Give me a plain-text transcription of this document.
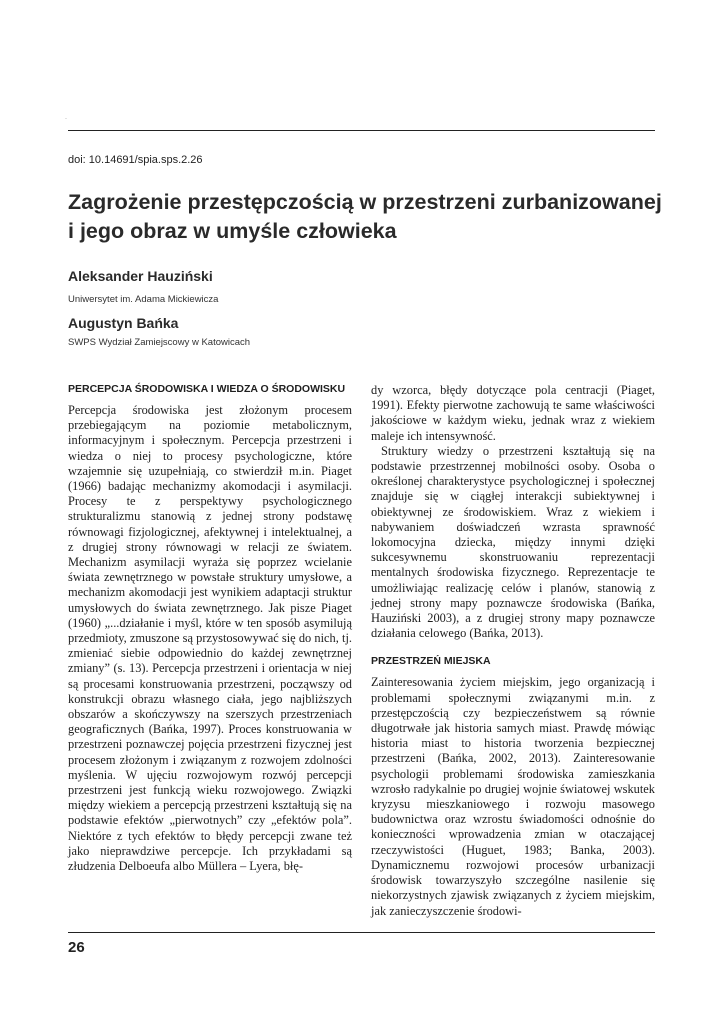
·
doi: 10.14691/spia.sps.2.26
Zagrożenie przestępczością w przestrzeni zurbanizowanej i jego obraz w umyśle człowieka
Aleksander Hauziński
Uniwersytet im. Adama Mickiewicza
Augustyn Bańka
SWPS Wydział Zamiejscowy w Katowicach
PERCEPCJA ŚRODOWISKA I WIEDZA O ŚRODOWISKU

Percepcja środowiska jest złożonym procesem przebiegającym na poziomie metabolicznym, informacyjnym i społecznym. Percepcja przestrzeni i wiedza o niej to procesy psychologiczne, które wzajemnie się uzupełniają, co stwierdził m.in. Piaget (1966) badając mechanizmy akomodacji i asymilacji. Procesy te z perspektywy psychologicznego strukturalizmu stanowią z jednej strony podstawę równowagi fizjologicznej, afektywnej i intelektualnej, a z drugiej strony równowagi w relacji ze światem. Mechanizm asymilacji wyraża się poprzez wcielanie świata zewnętrznego w powstałe struktury umysłowe, a mechanizm akomodacji jest wynikiem adaptacji struktur umysłowych do świata zewnętrznego. Jak pisze Piaget (1960) „...działanie i myśl, które w ten sposób asymilują przedmioty, zmuszone są przystosowywać się do nich, tj. zmieniać siebie odpowiednio do każdej zewnętrznej zmiany” (s. 13). Percepcja przestrzeni i orientacja w niej są procesami konstruowania przestrzeni, począwszy od konstrukcji obrazu własnego ciała, jego najbliższych obszarów a skończywszy na szerszych przestrzeniach geograficznych (Bańka, 1997). Proces konstruowania w przestrzeni poznawczej pojęcia przestrzeni fizycznej jest procesem złożonym i związanym z rozwojem zdolności myślenia. W ujęciu rozwojowym rozwój percepcji przestrzeni jest funkcją wieku rozwojowego. Związki między wiekiem a percepcją przestrzeni kształtują się na podstawie efektów „pierwotnych” czy „efektów pola”. Niektóre z tych efektów to błędy percepcji zwane też jako nieprawdziwe percepcje. Ich przykładami są złudzenia Delboeufa albo Müllera – Lyera, błę-

dy wzorca, błędy dotyczące pola centracji (Piaget, 1991). Efekty pierwotne zachowują te same właściwości jakościowe w każdym wieku, jednak wraz z wiekiem maleje ich intensywność.

Struktury wiedzy o przestrzeni kształtują się na podstawie przestrzennej mobilności osoby. Osoba o określonej charakterystyce psychologicznej i społecznej znajduje się w ciągłej interakcji subiektywnej i obiektywnej ze środowiskiem. Wraz z wiekiem i nabywaniem doświadczeń wzrasta sprawność lokomocyjna dziecka, między innymi dzięki sukcesywnemu skonstruowaniu reprezentacji mentalnych środowiska fizycznego. Reprezentacje te umożliwiając realizację celów i planów, stanowią z jednej strony mapy poznawcze środowiska (Bańka, Hauziński 2003), a z drugiej strony mapy poznawcze działania celowego (Bańka, 2013).

PRZESTRZEŃ MIEJSKA

Zainteresowania życiem miejskim, jego organizacją i problemami społecznymi związanymi m.in. z przestępczością czy bezpieczeństwem są równie długotrwałe jak historia samych miast. Prawdę mówiąc historia miast to historia tworzenia bezpiecznej przestrzeni (Bańka, 2002, 2013). Zainteresowanie psychologii problemami środowiska zamieszkania wzrosło radykalnie po drugiej wojnie światowej wskutek kryzysu mieszkaniowego i rozwoju masowego budownictwa oraz wzrostu świadomości odnośnie do konieczności wprowadzenia zmian w otaczającej rzeczywistości (Huguet, 1983; Banka, 2003). Dynamicznemu rozwojowi procesów urbanizacji środowisk towarzyszyło szczególne nasilenie się niekorzystnych zjawisk związanych z życiem miejskim, jak zanieczyszczenie środowi-

26
